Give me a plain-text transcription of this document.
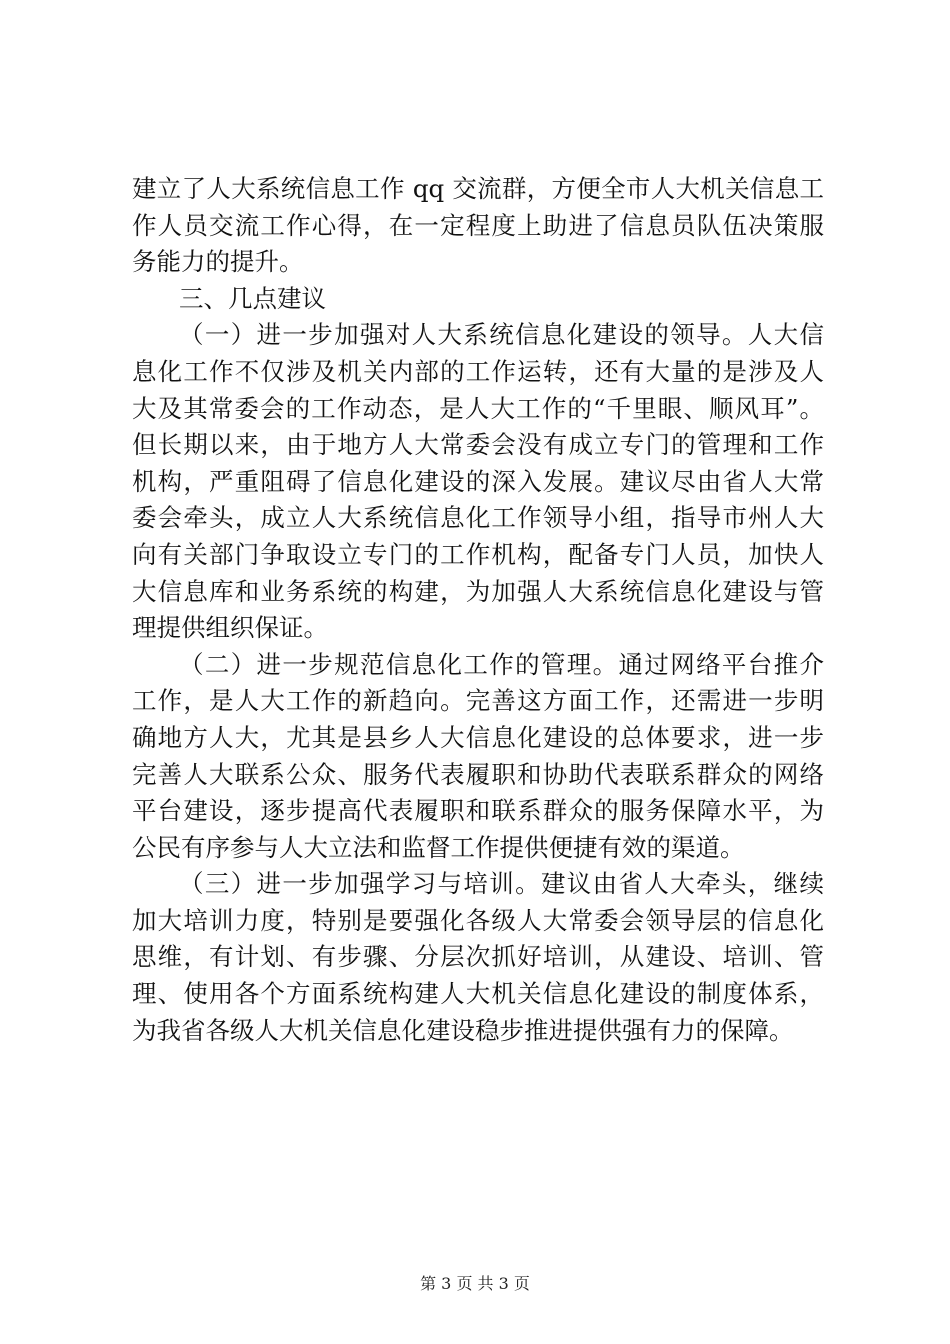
建立了人大系统信息工作 qq 交流群，方便全市人大机关信息工
作人员交流工作心得，在一定程度上助进了信息员队伍决策服
务能力的提升。
三、几点建议
（一）进一步加强对人大系统信息化建设的领导。人大信
息化工作不仅涉及机关内部的工作运转，还有大量的是涉及人
大及其常委会的工作动态，是人大工作的“千里眼、顺风耳”。
但长期以来，由于地方人大常委会没有成立专门的管理和工作
机构，严重阻碍了信息化建设的深入发展。建议尽由省人大常
委会牵头，成立人大系统信息化工作领导小组，指导市州人大
向有关部门争取设立专门的工作机构，配备专门人员，加快人
大信息库和业务系统的构建，为加强人大系统信息化建设与管
理提供组织保证。
（二）进一步规范信息化工作的管理。通过网络平台推介
工作，是人大工作的新趋向。完善这方面工作，还需进一步明
确地方人大，尤其是县乡人大信息化建设的总体要求，进一步
完善人大联系公众、服务代表履职和协助代表联系群众的网络
平台建设，逐步提高代表履职和联系群众的服务保障水平，为
公民有序参与人大立法和监督工作提供便捷有效的渠道。
（三）进一步加强学习与培训。建议由省人大牵头，继续
加大培训力度，特别是要强化各级人大常委会领导层的信息化
思维，有计划、有步骤、分层次抓好培训，从建设、培训、管
理、使用各个方面系统构建人大机关信息化建设的制度体系，
为我省各级人大机关信息化建设稳步推进提供强有力的保障。
第 3 页 共 3 页
